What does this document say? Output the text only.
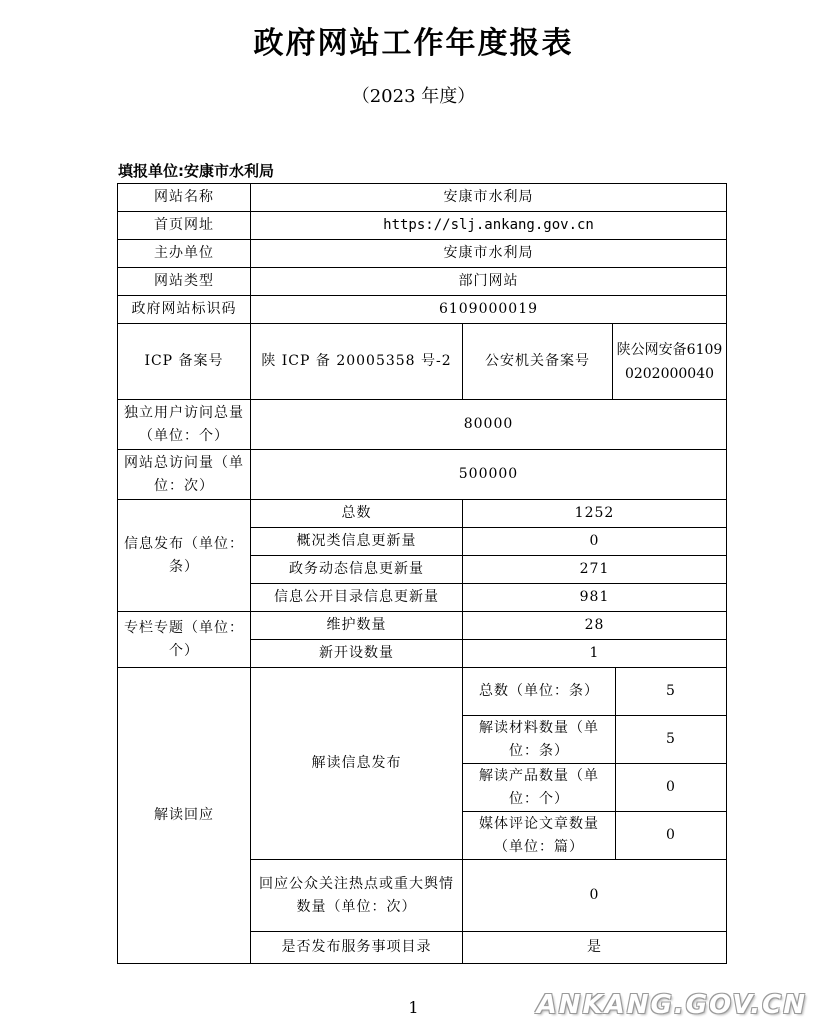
政府网站工作年度报表
（2023 年度）
填报单位:安康市水利局
网站名称	安康市水利局			
首页网址	https://slj.ankang.gov.cn			
主办单位	安康市水利局			
网站类型	部门网站			
政府网站标识码	6109000019			
ICP 备案号	陕 ICP 备 20005358 号-2	公安机关备案号	陕公网安备61090202000040	
独立用户访问总量（单位：个）	80000			
网站总访问量（单位：次）	500000			
信息发布（单位：条）	总数	1252		
	概况类信息更新量	0		
	政务动态信息更新量	271		
	信息公开目录信息更新量	981		
专栏专题（单位：个）	维护数量	28		
	新开设数量	1		
解读回应	解读信息发布	总数（单位：条）		5
		解读材料数量（单位：条）		5
		解读产品数量（单位：个）		0
		媒体评论文章数量（单位：篇）		0
	回应公众关注热点或重大舆情数量（单位：次）	0		
	是否发布服务事项目录	是		
1	ANKANG.GOV.CN
